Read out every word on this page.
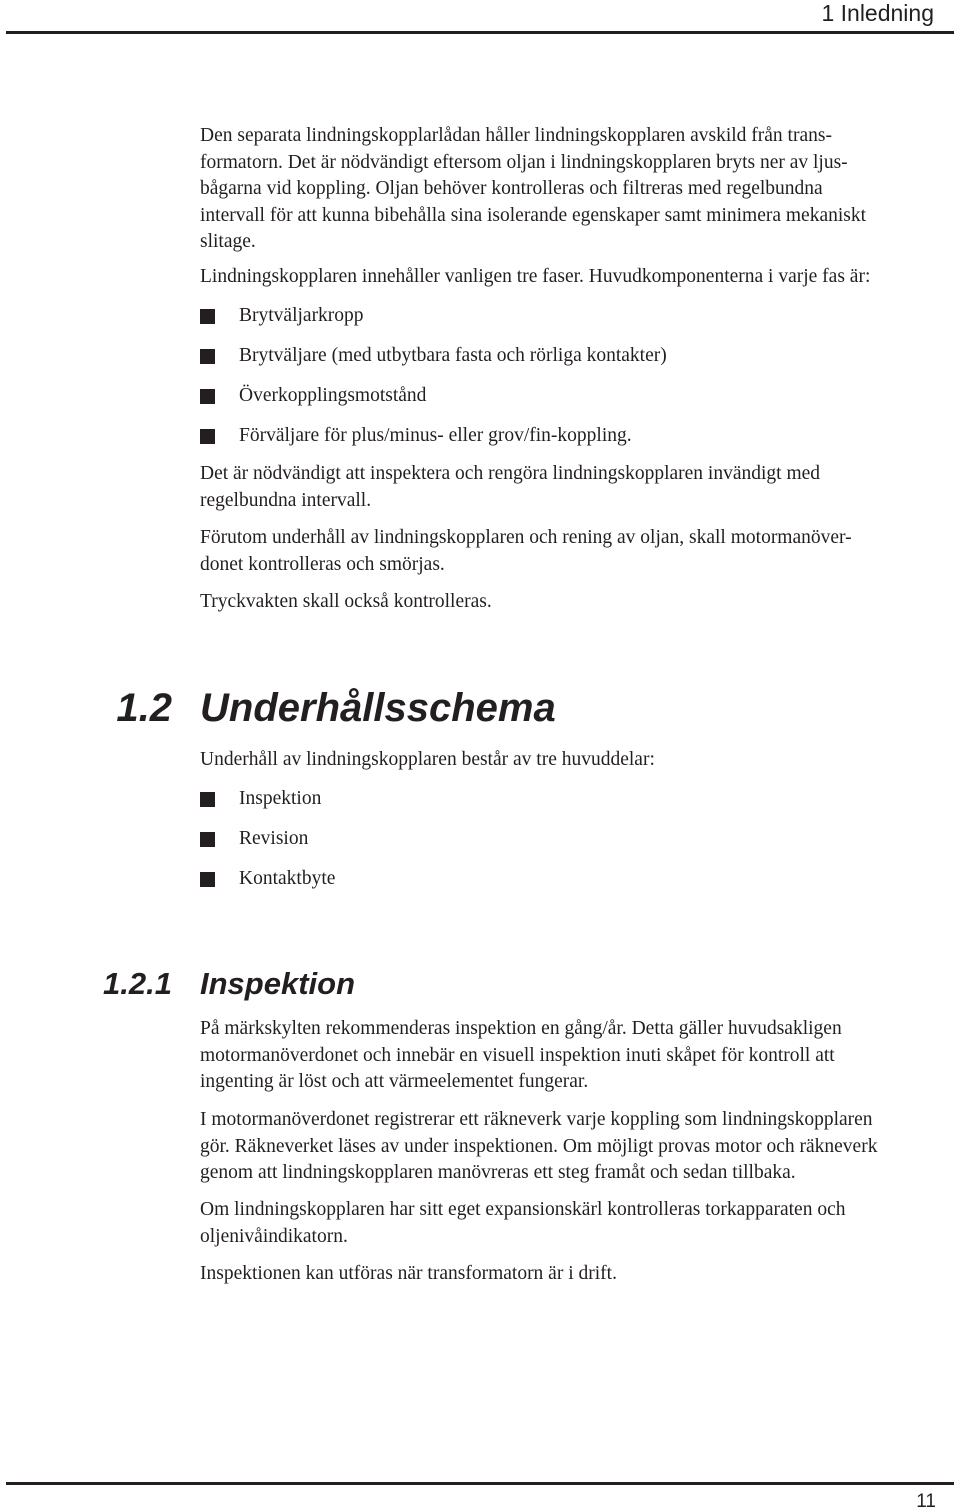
1 Inledning

Den separata lindningskopplarlådan håller lindningskopplaren avskild från trans-
formatorn. Det är nödvändigt eftersom oljan i lindningskopplaren bryts ner av ljus-
bågarna vid koppling. Oljan behöver kontrolleras och filtreras med regelbundna
intervall för att kunna bibehålla sina isolerande egenskaper samt minimera mekaniskt
slitage.

Lindningskopplaren innehåller vanligen tre faser. Huvudkomponenterna i varje fas är:

Brytväljarkropp
Brytväljare (med utbytbara fasta och rörliga kontakter)
Överkopplingsmotstånd
Förväljare för plus/minus- eller grov/fin-koppling.

Det är nödvändigt att inspektera och rengöra lindningskopplaren invändigt med
regelbundna intervall.

Förutom underhåll av lindningskopplaren och rening av oljan, skall motormanöver-
donet kontrolleras och smörjas.

Tryckvakten skall också kontrolleras.

1.2 Underhållsschema

Underhåll av lindningskopplaren består av tre huvuddelar:

Inspektion
Revision
Kontaktbyte
1.2.1 Inspektion

På märkskylten rekommenderas inspektion en gång/år. Detta gäller huvudsakligen
motormanöverdonet och innebär en visuell inspektion inuti skåpet för kontroll att
ingenting är löst och att värmeelementet fungerar.

I motormanöverdonet registrerar ett räkneverk varje koppling som lindningskopplaren
gör. Räkneverket läses av under inspektionen. Om möjligt provas motor och räkneverk
genom att lindningskopplaren manövreras ett steg framåt och sedan tillbaka.

Om lindningskopplaren har sitt eget expansionskärl kontrolleras torkapparaten och
oljenivåindikatorn.

Inspektionen kan utföras när transformatorn är i drift.

11
